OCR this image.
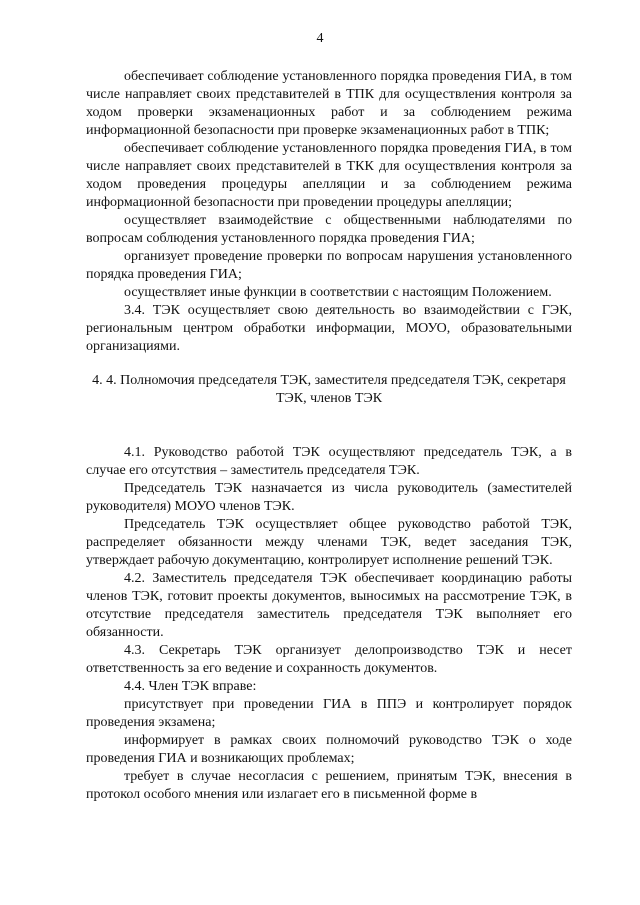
4

обеспечивает соблюдение установленного порядка проведения ГИА, в том числе направляет своих представителей в ТПК для осуществления контроля за ходом проверки экзаменационных работ и за соблюдением режима информационной безопасности при проверке экзаменационных работ в ТПК;

обеспечивает соблюдение установленного порядка проведения ГИА, в том числе направляет своих представителей в ТКК для осуществления контроля за ходом проведения процедуры апелляции и за соблюдением режима информационной безопасности при проведении процедуры апелляции;

осуществляет взаимодействие с общественными наблюдателями по вопросам соблюдения установленного порядка проведения ГИА;

организует проведение проверки по вопросам нарушения установленного порядка проведения ГИА;

осуществляет иные функции в соответствии с настоящим Положением.

3.4. ТЭК осуществляет свою деятельность во взаимодействии с ГЭК, региональным центром обработки информации, МОУО, образовательными организациями.

4. 4. Полномочия председателя ТЭК, заместителя председателя ТЭК, секретаря ТЭК, членов ТЭК

4.1. Руководство работой ТЭК осуществляют председатель ТЭК, а в случае его отсутствия – заместитель председателя ТЭК.

Председатель ТЭК назначается из числа руководитель (заместителей руководителя) МОУО членов ТЭК.

Председатель ТЭК осуществляет общее руководство работой ТЭК, распределяет обязанности между членами ТЭК, ведет заседания ТЭК, утверждает рабочую документацию, контролирует исполнение решений ТЭК.

4.2. Заместитель председателя ТЭК обеспечивает координацию работы членов ТЭК, готовит проекты документов, выносимых на рассмотрение ТЭК, в отсутствие председателя заместитель председателя ТЭК выполняет его обязанности.

4.3. Секретарь ТЭК организует делопроизводство ТЭК и несет ответственность за его ведение и сохранность документов.

4.4. Член ТЭК вправе:

присутствует при проведении ГИА в ППЭ и контролирует порядок проведения экзамена;

информирует в рамках своих полномочий руководство ТЭК о ходе проведения ГИА и возникающих проблемах;

требует в случае несогласия с решением, принятым ТЭК, внесения в протокол особого мнения или излагает его в письменной форме в
